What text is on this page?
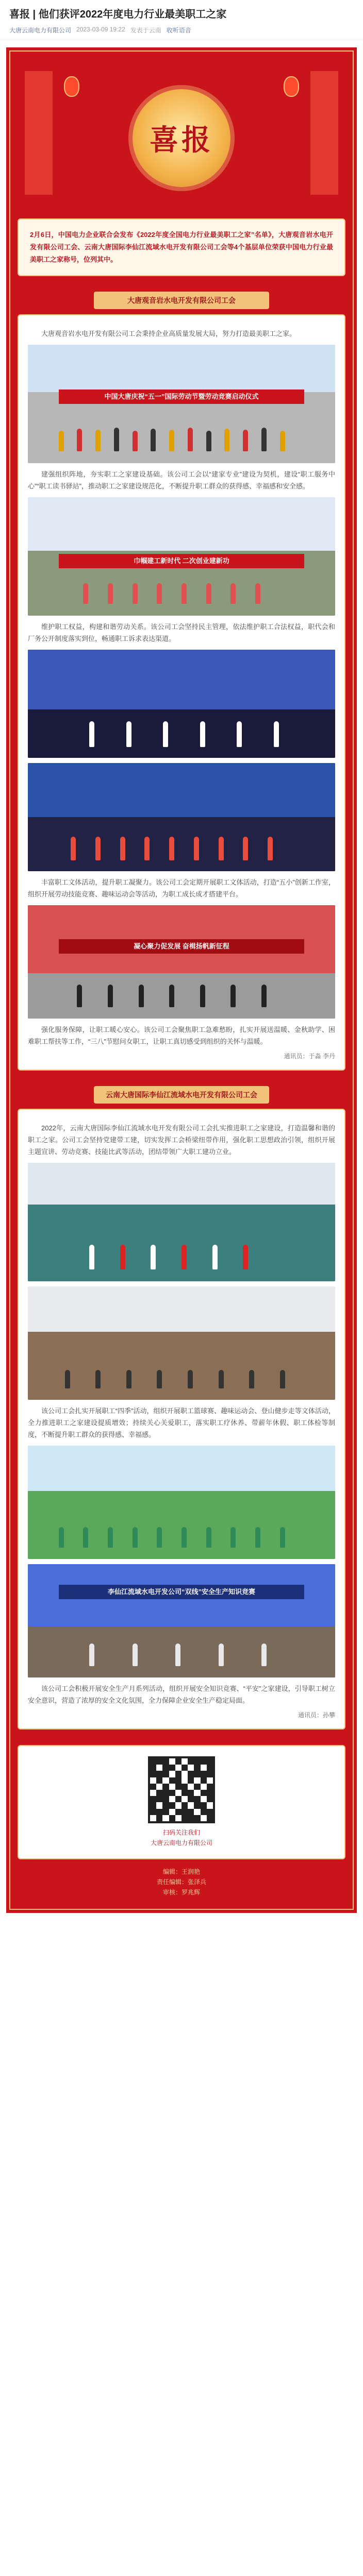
喜报 | 他们获评2022年度电力行业最美职工之家
大唐云南电力有限公司 2023-03-09 19:22 发表于云南 收听语音
喜报

2月6日，中国电力企业联合会发布《2022年度全国电力行业最美职工之家”名单》，大唐观音岩水电开发有限公司工会、云南大唐国际李仙江流域水电开发有限公司工会等4个基层单位荣获中国电力行业最美职工之家称号，位列其中。

大唐观音岩水电开发有限公司工会

大唐观音岩水电开发有限公司工会秉持企业高质量发展大局，努力打造最美职工之家。

中国大唐庆祝“五一”国际劳动节暨劳动竞赛启动仪式

建强组织阵地，夯实职工之家建设基础。该公司工会以“建家专业”建设为契机，建设“职工服务中心”“职工读书驿站”，推动职工之家建设规范化，不断提升职工群众的获得感、幸福感和安全感。

巾帼建工新时代 二次创业建新功

维护职工权益，构建和谐劳动关系。该公司工会坚持民主管理，依法维护职工合法权益，职代会和厂务公开制度落实到位，畅通职工诉求表达渠道。

丰富职工文体活动，提升职工凝聚力。该公司工会定期开展职工文体活动，打造“五小”创新工作室，组织开展劳动技能竞赛、趣味运动会等活动，为职工成长成才搭建平台。

凝心聚力促发展 奋楫扬帆新征程

强化服务保障，让职工暖心安心。该公司工会聚焦职工急难愁盼，扎实开展送温暖、金秋助学、困难职工帮扶等工作，“三八”节慰问女职工，让职工真切感受到组织的关怀与温暖。

通讯员：于淼 李丹
云南大唐国际李仙江流域水电开发有限公司工会

2022年，云南大唐国际李仙江流域水电开发有限公司工会扎实推进职工之家建设，打造温馨和谐的职工之家。公司工会坚持党建带工建，切实发挥工会桥梁纽带作用，强化职工思想政治引领，组织开展主题宣讲、劳动竞赛、技能比武等活动，团结带领广大职工建功立业。

该公司工会扎实开展职工“四季”活动，组织开展职工篮球赛、趣味运动会、登山健步走等文体活动，全力推进职工之家建设提质增效；持续关心关爱职工，落实职工疗休养、带薪年休假、职工体检等制度，不断提升职工群众的获得感、幸福感。

李仙江流域水电开发公司“双线”安全生产知识竞赛

该公司工会积极开展安全生产月系列活动，组织开展安全知识竞赛、“平安”之家建设，引导职工树立安全意识，营造了浓厚的安全文化氛围，全力保障企业安全生产稳定局面。

通讯员：孙攀
扫码关注我们
大唐云南电力有限公司
编辑：王润艳
责任编辑：张泽兵
审核：罗兆辉
